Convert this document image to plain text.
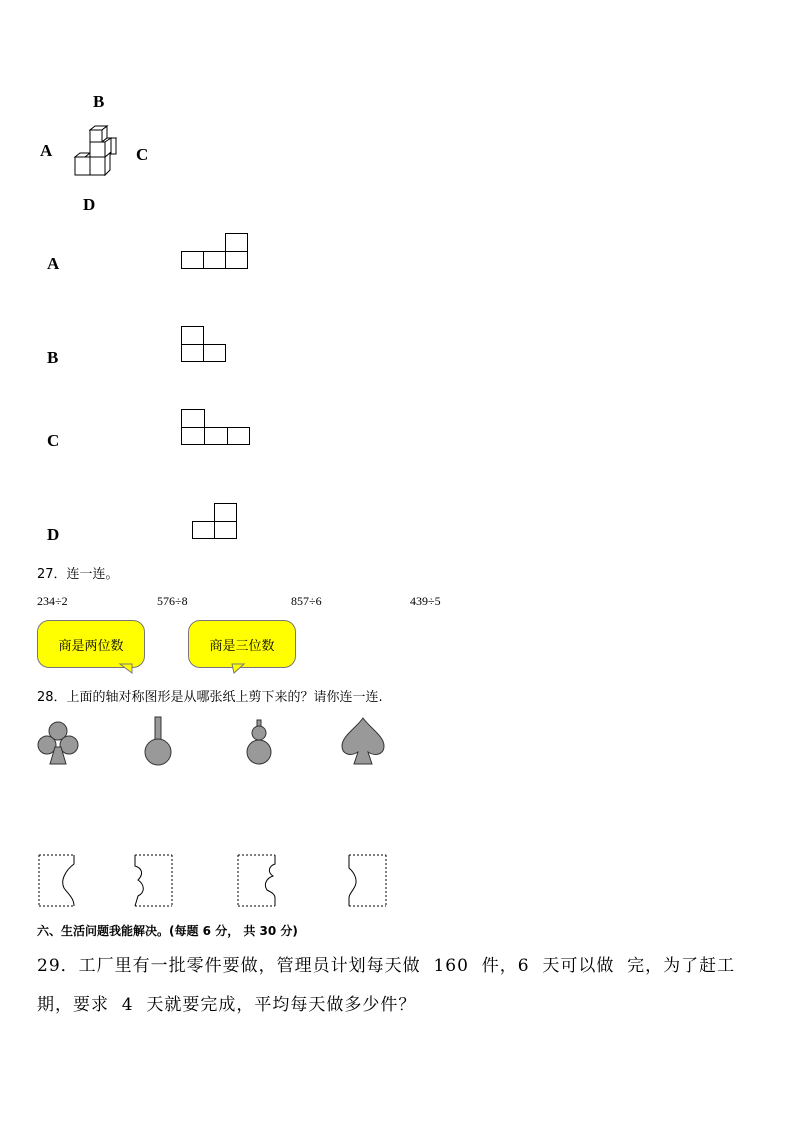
B
A	C
D
A
B
C
D
27．连一连。
234÷2	576÷8	857÷6	439÷5
商是两位数	商是三位数
28．上面的轴对称图形是从哪张纸上剪下来的？请你连一连.
六、生活问题我能解决。(每题 6 分， 共 30 分)
29．工厂里有一批零件要做，管理员计划每天做  160  件，6  天可以做  完，为了赶工
期，要求  4  天就要完成，平均每天做多少件？
